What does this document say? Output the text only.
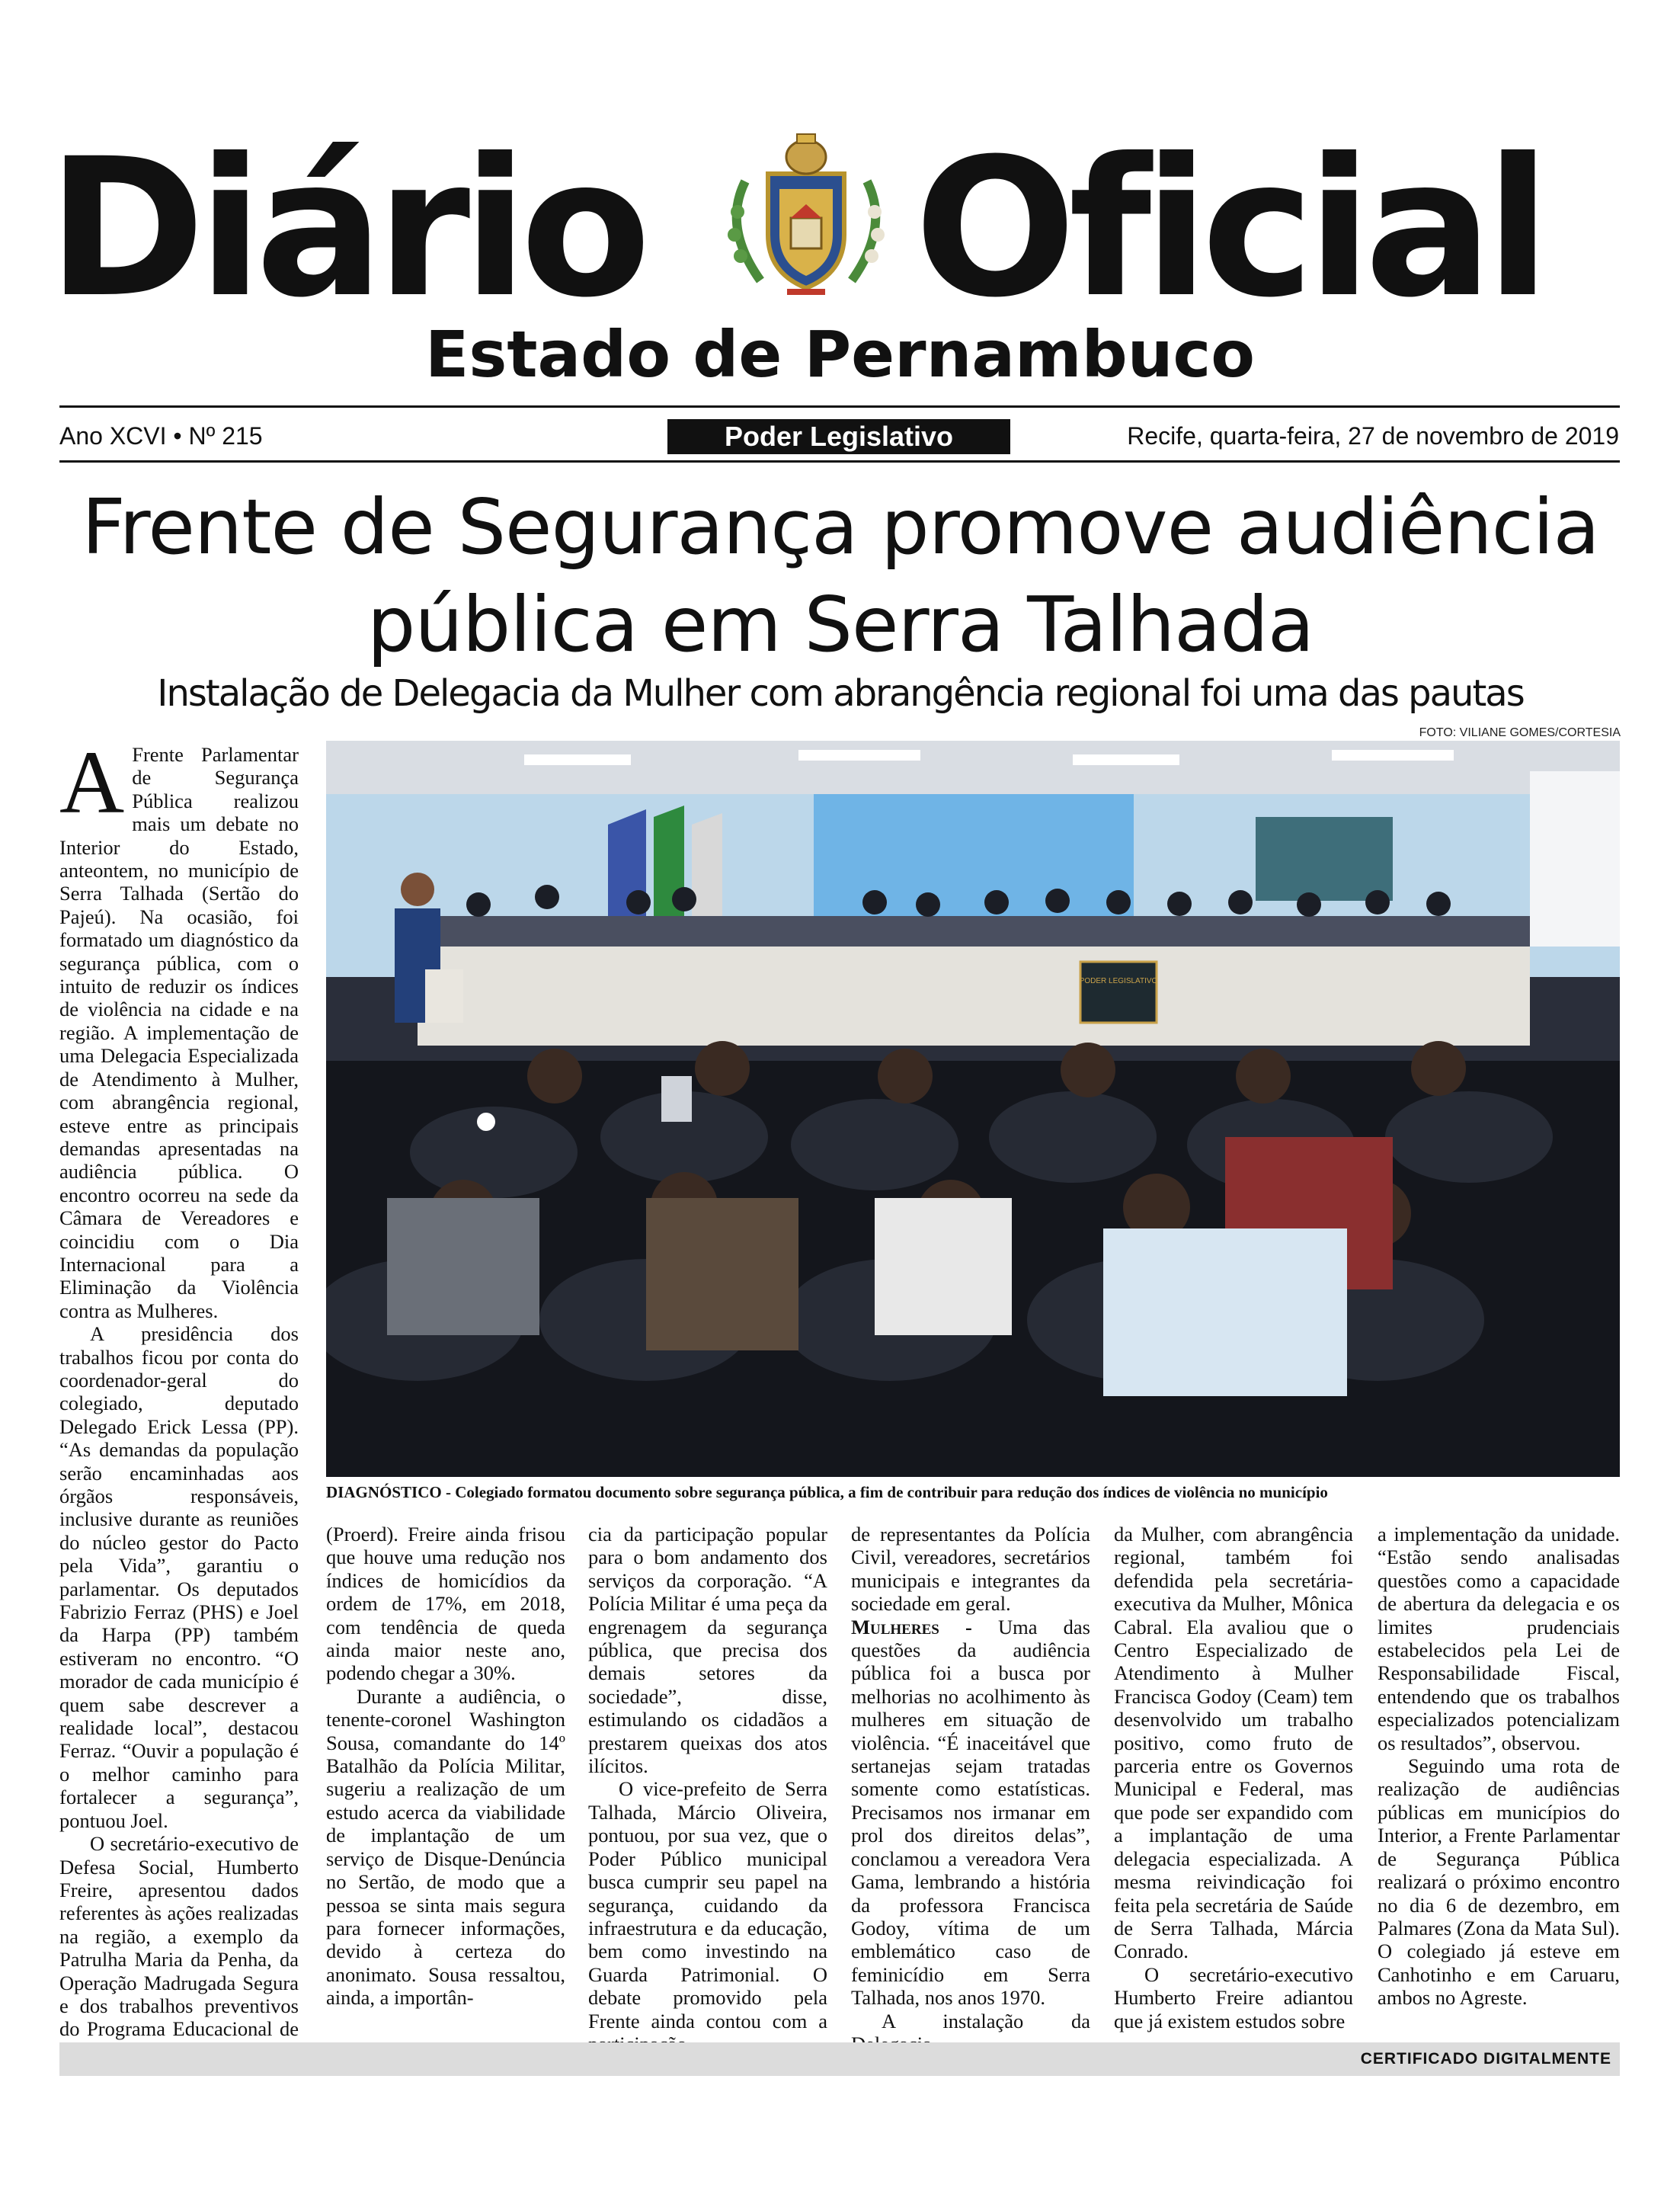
Diário Oficial
Estado de Pernambuco
Ano XCVI • Nº 215	Poder Legislativo	Recife, quarta-feira, 27 de novembro de 2019
Frente de Segurança promove audiência pública em Serra Talhada
Instalação de Delegacia da Mulher com abrangência regional foi uma das pautas
FOTO: VILIANE GOMES/CORTESIA
PODER LEGISLATIVO
DIAGNÓSTICO - Colegiado formatou documento sobre segurança pública, a fim de contribuir para redução dos índices de violência no município

A Frente Parlamentar de Segurança Pública realizou mais um debate no Interior do Estado, anteontem, no município de Serra Talhada (Sertão do Pajeú). Na ocasião, foi formatado um diagnóstico da segurança pública, com o intuito de reduzir os índices de violência na cidade e na região. A implementação de uma Delegacia Especializada de Atendimento à Mulher, com abrangência regional, esteve entre as principais demandas apresentadas na audiência pública. O encontro ocorreu na sede da Câmara de Vereadores e coincidiu com o Dia Internacional para a Eliminação da Violência contra as Mulheres.

A presidência dos trabalhos ficou por conta do coordenador-geral do colegiado, deputado Delegado Erick Lessa (PP). “As demandas da população serão encaminhadas aos órgãos responsáveis, inclusive durante as reuniões do núcleo gestor do Pacto pela Vida”, garantiu o parlamentar. Os deputados Fabrizio Ferraz (PHS) e Joel da Harpa (PP) também estiveram no encontro. “O morador de cada município é quem sabe descrever a realidade local”, destacou Ferraz. “Ouvir a população é o melhor caminho para fortalecer a segurança”, pontuou Joel.

O secretário-executivo de Defesa Social, Humberto Freire, apresentou dados referentes às ações realizadas na região, a exemplo da Patrulha Maria da Penha, da Operação Madrugada Segura e dos trabalhos preventivos do Programa Educacional de

(Proerd). Freire ainda frisou que houve uma redução nos índices de homicídios da ordem de 17%, em 2018, com tendência de queda ainda maior neste ano, podendo chegar a 30%.

Durante a audiência, o tenente-coronel Washington Sousa, comandante do 14º Batalhão da Polícia Militar, sugeriu a realização de um estudo acerca da viabilidade de implantação de um serviço de Disque-Denúncia no Sertão, de modo que a pessoa se sinta mais segura para fornecer informações, devido à certeza do anonimato. Sousa ressaltou, ainda, a importân-

cia da participação popular para o bom andamento dos serviços da corporação. “A Polícia Militar é uma peça da engrenagem da segurança pública, que precisa dos demais setores da sociedade”, disse, estimulando os cidadãos a prestarem queixas dos atos ilícitos.

O vice-prefeito de Serra Talhada, Márcio Oliveira, pontuou, por sua vez, que o Poder Público municipal busca cumprir seu papel na segurança, cuidando da infraestrutura e da educação, bem como investindo na Guarda Patrimonial. O debate promovido pela Frente ainda contou com a

de representantes da Polícia Civil, vereadores, secretários municipais e integrantes da sociedade em geral.

Mulheres - Uma das questões da audiência pública foi a busca por melhorias no acolhimento às mulheres em situação de violência. “É inaceitável que sertanejas sejam tratadas somente como estatísticas. Precisamos nos irmanar em prol dos direitos delas”, conclamou a vereadora Vera Gama, lembrando a história da professora Francisca Godoy, vítima de um emblemático caso de feminicídio em Serra Talhada, nos anos 1970.

A instalação da

da Mulher, com abrangência regional, também foi defendida pela secretária-executiva da Mulher, Mônica Cabral. Ela avaliou que o Centro Especializado de Atendimento à Mulher Francisca Godoy (Ceam) tem desenvolvido um trabalho positivo, como fruto de parceria entre os Governos Municipal e Federal, mas que pode ser expandido com a implantação de uma delegacia especializada. A mesma reivindicação foi feita pela secretária de Saúde de Serra Talhada, Márcia Conrado.

O secretário-executivo Humberto Freire adiantou que já existem estudos sobre

a implementação da unidade. “Estão sendo analisadas questões como a capacidade de abertura da delegacia e os limites prudenciais estabelecidos pela Lei de Responsabilidade Fiscal, entendendo que os trabalhos especializados potencializam os resultados”, observou.

Seguindo uma rota de realização de audiências públicas em municípios do Interior, a Frente Parlamentar de Segurança Pública realizará o próximo encontro no dia 6 de dezembro, em Palmares (Zona da Mata Sul). O colegiado já esteve em Canhotinho e em Caruaru, ambos no Agreste.

CERTIFICADO DIGITALMENTE
